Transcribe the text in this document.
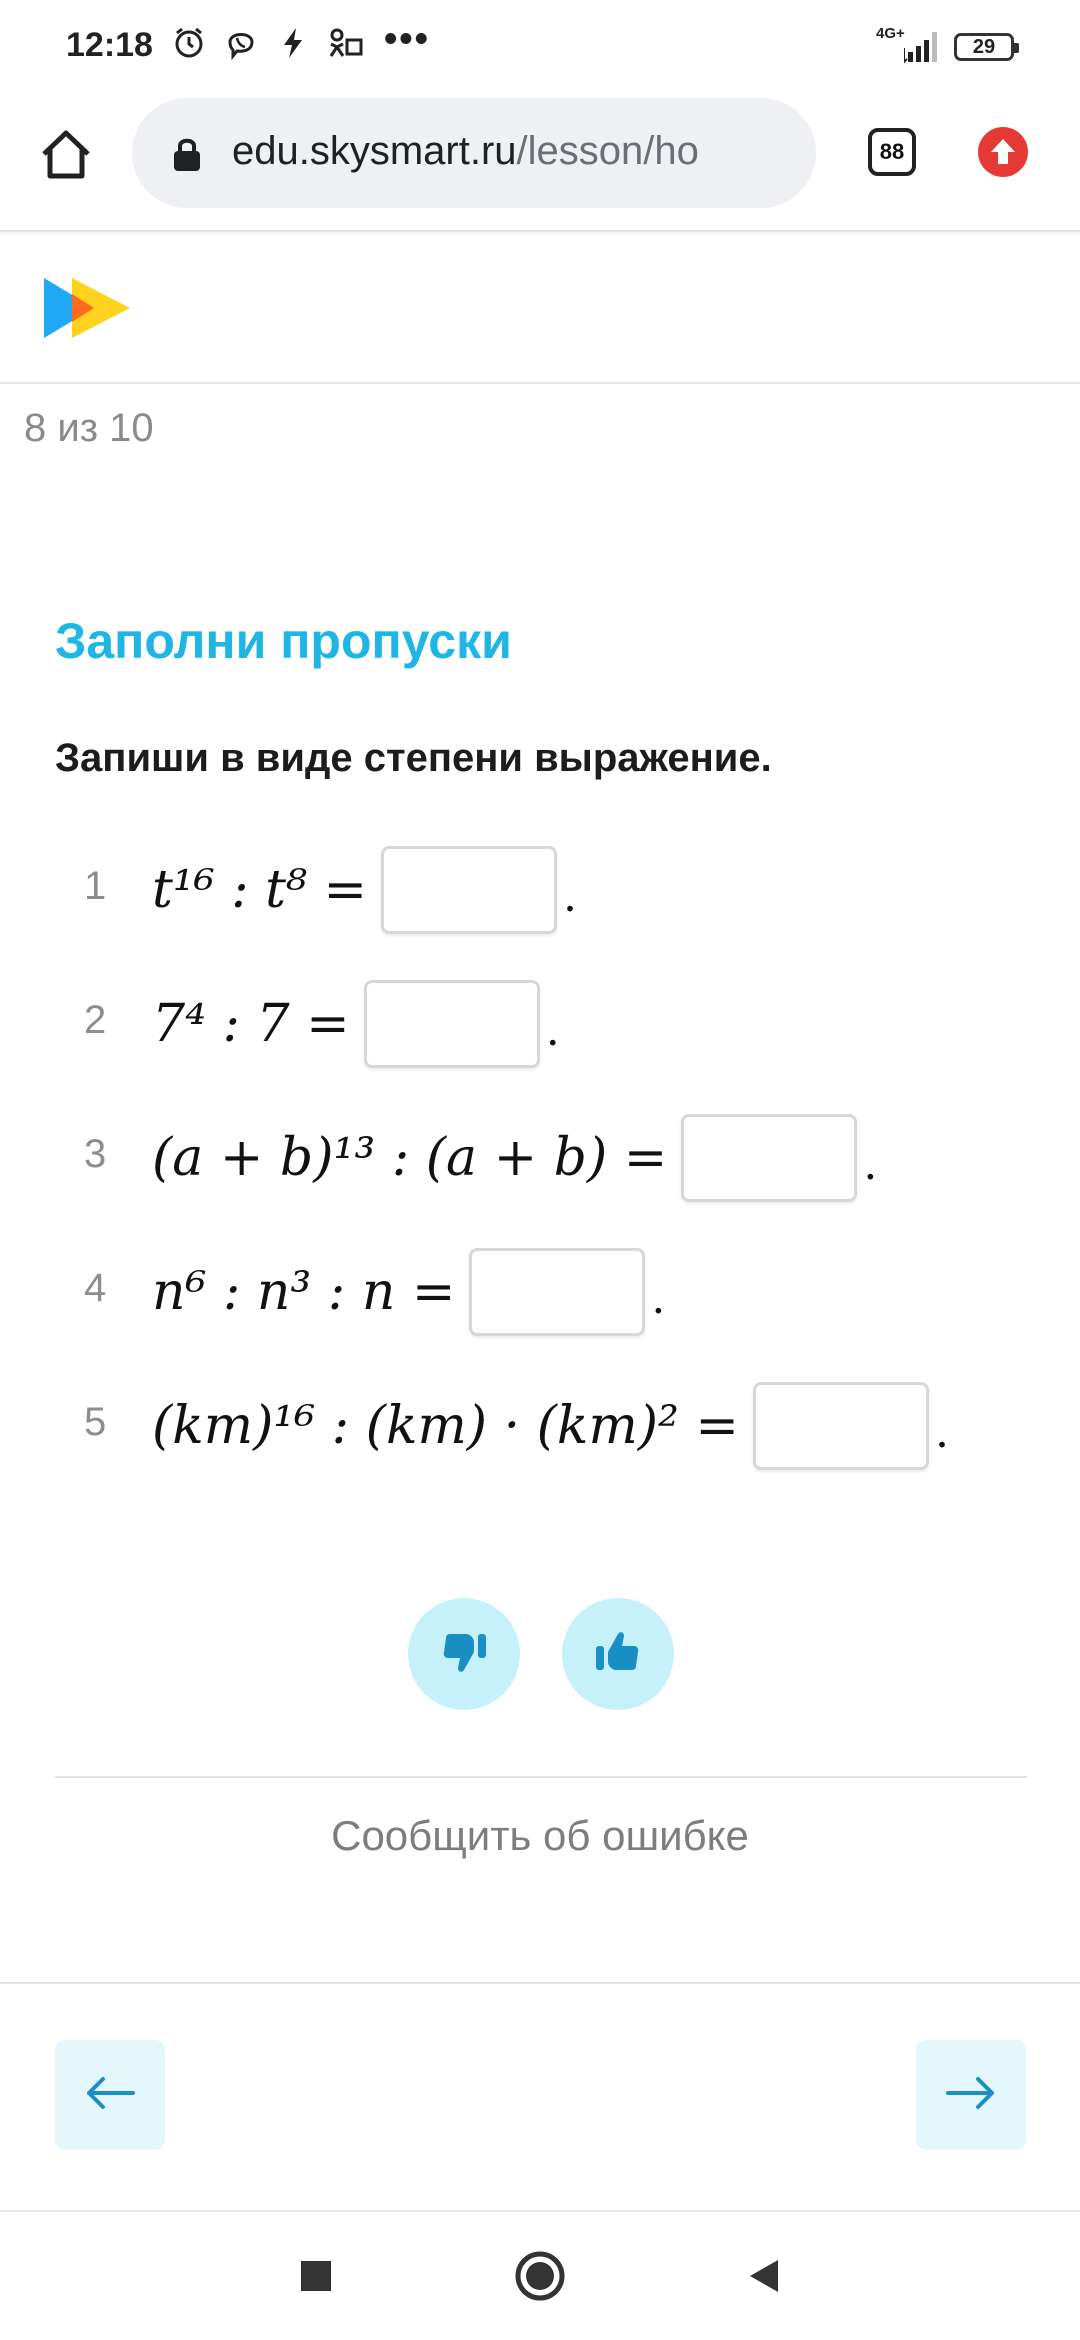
12:18	•••	4G+
29
edu.skysmart.ru/lesson/ho	88
8 из 10
Заполни пропуски
Запиши в виде степени выражение.
1 t¹⁶ : t⁸ =	.
2 7⁴ : 7 =	.
3 (a + b)¹³ : (a + b) =	.
4 n⁶ : n³ : n =	.
5 (km)¹⁶ : (km) · (km)² =	.
Сообщить об ошибке
